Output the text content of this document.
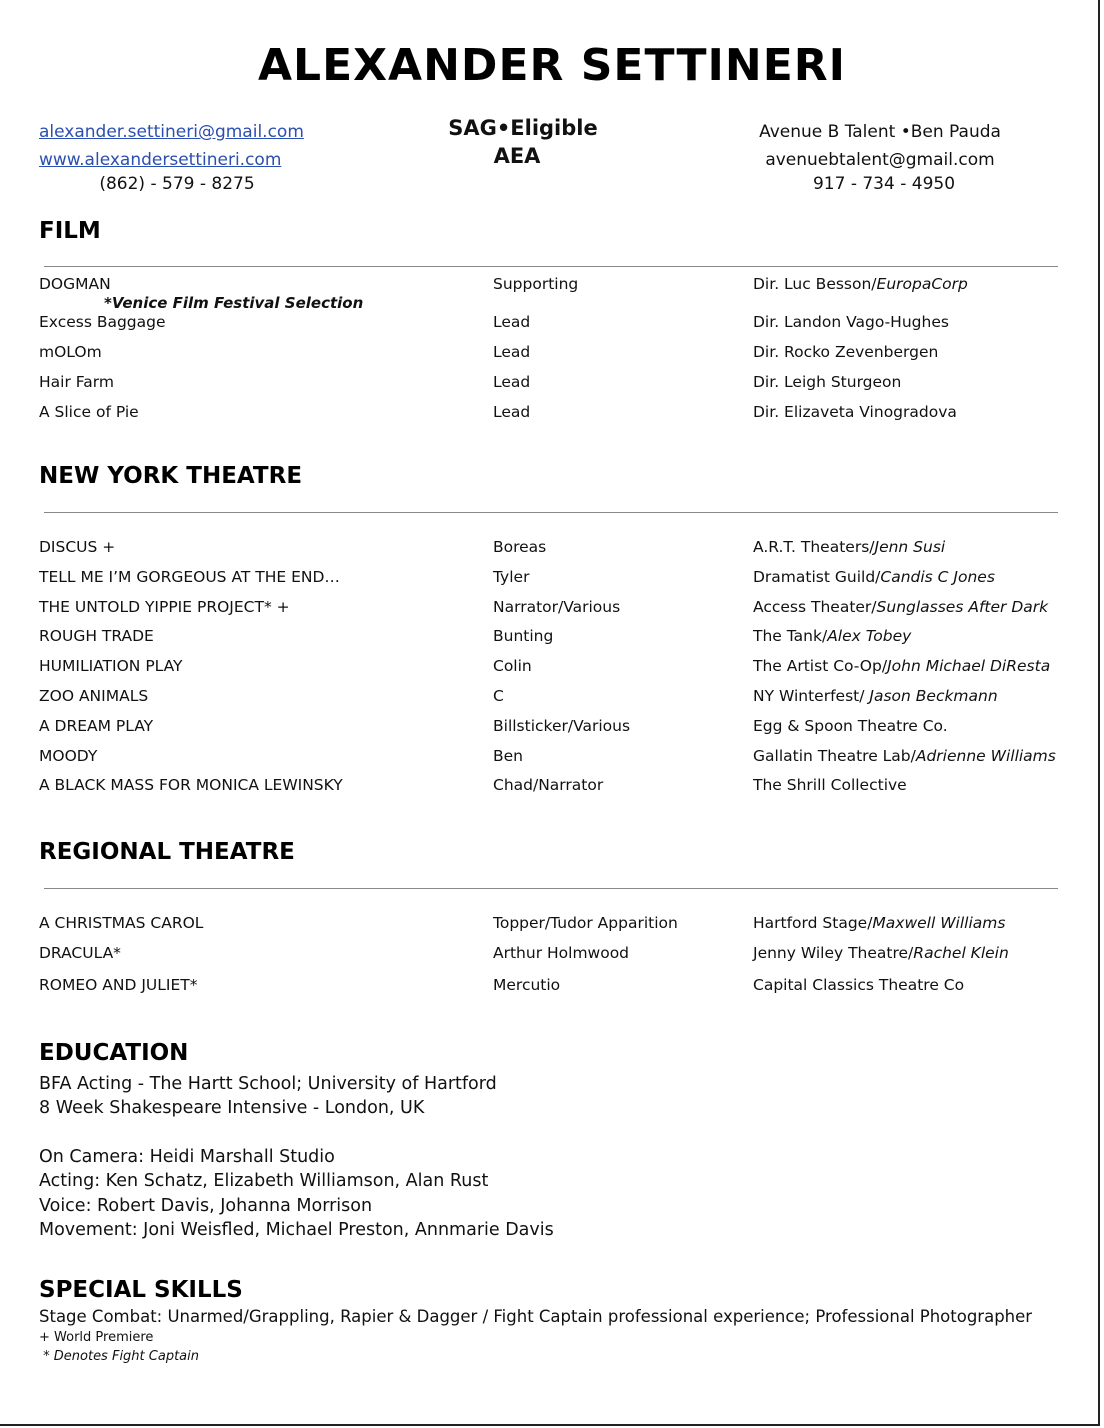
ALEXANDER SETTINERI
alexander.settineri@gmail.com
www.alexandersettineri.com
(862) - 579 - 8275
SAG•Eligible
AEA
Avenue B Talent •Ben Pauda
avenuebtalent@gmail.com
917 - 734 - 4950
FILM
DOGMAN	Supporting	Dir. Luc Besson/EuropaCorp
*Venice Film Festival Selection
Excess Baggage	Lead	Dir. Landon Vago-Hughes
mOLOm	Lead	Dir. Rocko Zevenbergen
Hair Farm	Lead	Dir. Leigh Sturgeon
A Slice of Pie	Lead	Dir. Elizaveta Vinogradova
NEW YORK THEATRE
DISCUS +	Boreas	A.R.T. Theaters/Jenn Susi
TELL ME I’M GORGEOUS AT THE END…	Tyler	Dramatist Guild/Candis C Jones
THE UNTOLD YIPPIE PROJECT* +	Narrator/Various	Access Theater/Sunglasses After Dark
ROUGH TRADE	Bunting	The Tank/Alex Tobey
HUMILIATION PLAY	Colin	The Artist Co-Op/John Michael DiResta
ZOO ANIMALS	C	NY Winterfest/ Jason Beckmann
A DREAM PLAY	Billsticker/Various	Egg & Spoon Theatre Co.
MOODY	Ben	Gallatin Theatre Lab/Adrienne Williams
A BLACK MASS FOR MONICA LEWINSKY	Chad/Narrator	The Shrill Collective
REGIONAL THEATRE
A CHRISTMAS CAROL	Topper/Tudor Apparition	Hartford Stage/Maxwell Williams
DRACULA*	Arthur Holmwood	Jenny Wiley Theatre/Rachel Klein
ROMEO AND JULIET*	Mercutio	Capital Classics Theatre Co
EDUCATION
BFA Acting - The Hartt School; University of Hartford
8 Week Shakespeare Intensive - London, UK
On Camera: Heidi Marshall Studio
Acting: Ken Schatz, Elizabeth Williamson, Alan Rust
Voice: Robert Davis, Johanna Morrison
Movement: Joni Weisfled, Michael Preston, Annmarie Davis
SPECIAL SKILLS
Stage Combat: Unarmed/Grappling, Rapier & Dagger / Fight Captain professional experience; Professional Photographer
+ World Premiere
* Denotes Fight Captain
